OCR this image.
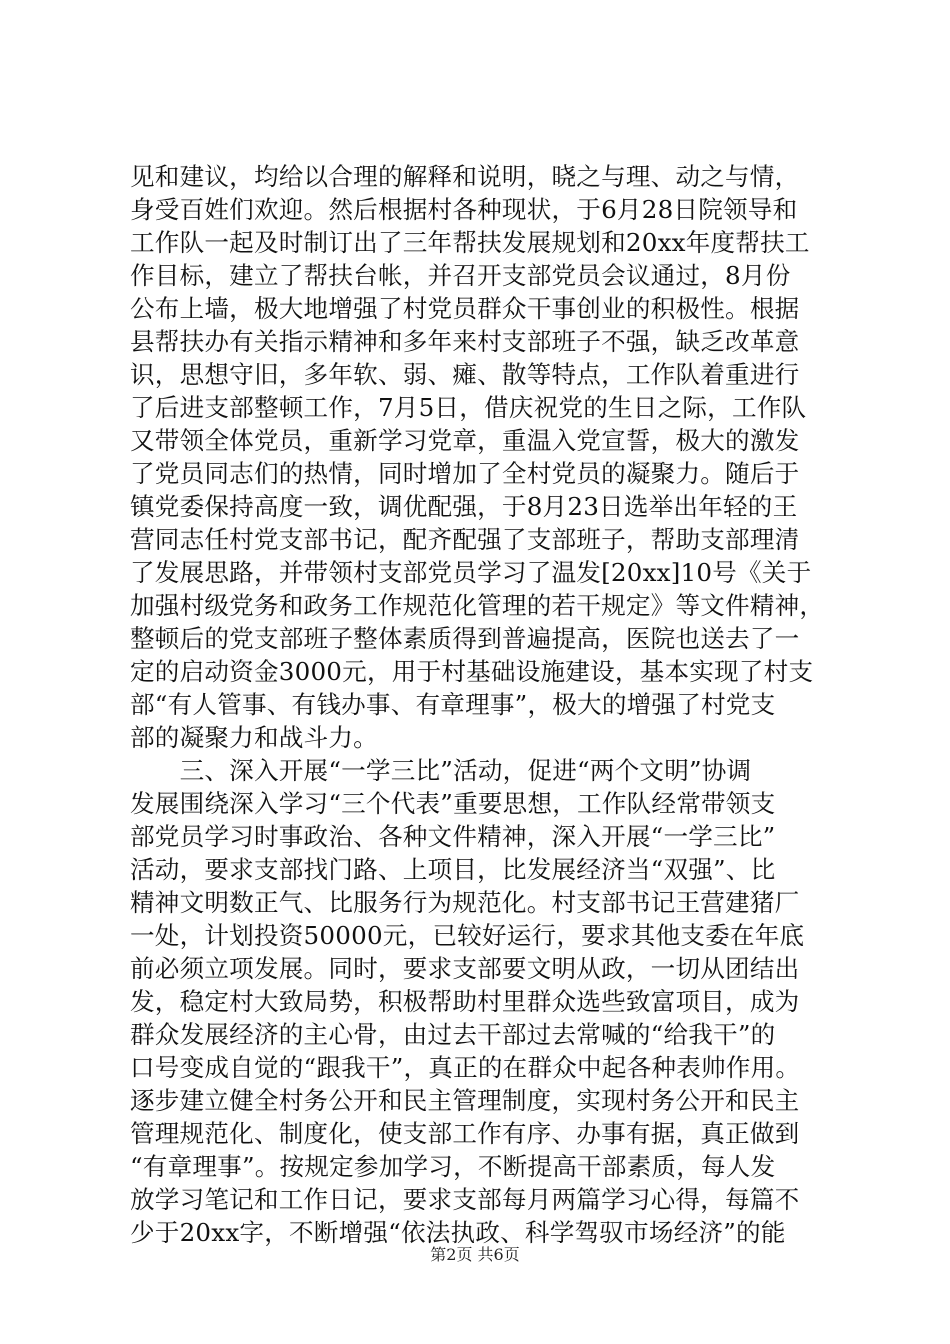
见和建议，均给以合理的解释和说明，晓之与理、动之与情，
身受百姓们欢迎。然后根据村各种现状，于6月28日院领导和
工作队一起及时制订出了三年帮扶发展规划和20xx年度帮扶工
作目标，建立了帮扶台帐，并召开支部党员会议通过，8月份
公布上墙，极大地增强了村党员群众干事创业的积极性。根据
县帮扶办有关指示精神和多年来村支部班子不强，缺乏改革意
识，思想守旧，多年软、弱、瘫、散等特点，工作队着重进行
了后进支部整顿工作，7月5日，借庆祝党的生日之际，工作队
又带领全体党员，重新学习党章，重温入党宣誓，极大的激发
了党员同志们的热情，同时增加了全村党员的凝聚力。随后于
镇党委保持高度一致，调优配强，于8月23日选举出年轻的王
营同志任村党支部书记，配齐配强了支部班子，帮助支部理清
了发展思路，并带领村支部党员学习了温发[20xx]10号《关于
加强村级党务和政务工作规范化管理的若干规定》等文件精神，
整顿后的党支部班子整体素质得到普遍提高，医院也送去了一
定的启动资金3000元，用于村基础设施建设，基本实现了村支
部“有人管事、有钱办事、有章理事”，极大的增强了村党支
部的凝聚力和战斗力。
　　三、深入开展“一学三比”活动，促进“两个文明”协调
发展围绕深入学习“三个代表”重要思想，工作队经常带领支
部党员学习时事政治、各种文件精神，深入开展“一学三比”
活动，要求支部找门路、上项目，比发展经济当“双强”、比
精神文明数正气、比服务行为规范化。村支部书记王营建猪厂
一处，计划投资50000元，已较好运行，要求其他支委在年底
前必须立项发展。同时，要求支部要文明从政，一切从团结出
发，稳定村大致局势，积极帮助村里群众选些致富项目，成为
群众发展经济的主心骨，由过去干部过去常喊的“给我干”的
口号变成自觉的“跟我干”，真正的在群众中起各种表帅作用。
逐步建立健全村务公开和民主管理制度，实现村务公开和民主
管理规范化、制度化，使支部工作有序、办事有据，真正做到
“有章理事”。按规定参加学习，不断提高干部素质，每人发
放学习笔记和工作日记，要求支部每月两篇学习心得，每篇不
少于20xx字，不断增强“依法执政、科学驾驭市场经济”的能
第2页 共6页
